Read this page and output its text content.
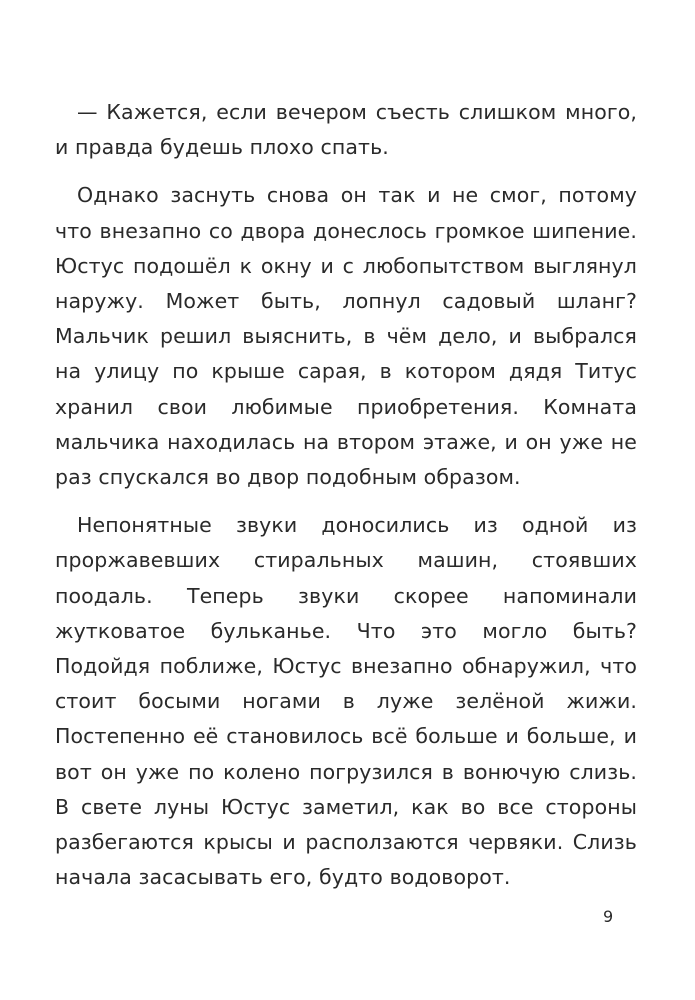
— Кажется, если вечером съесть слишком много, и правда будешь плохо спать.

Однако заснуть снова он так и не смог, потому что внезапно со двора донеслось громкое шипение. Юстус подошёл к окну и с любопытством выглянул наружу. Может быть, лопнул садовый шланг? Мальчик решил выяснить, в чём дело, и выбрался на улицу по крыше сарая, в котором дядя Титус хранил свои любимые приобретения. Комната мальчика находилась на втором этаже, и он уже не раз спускался во двор подобным образом.

Непонятные звуки доносились из одной из проржавевших стиральных машин, стоявших поодаль. Теперь звуки скорее напоминали жутковатое бульканье. Что это могло быть? Подойдя поближе, Юстус внезапно обнаружил, что стоит босыми ногами в луже зелёной жижи. Постепенно её становилось всё больше и больше, и вот он уже по колено погрузился в вонючую слизь. В свете луны Юстус заметил, как во все стороны разбегаются крысы и расползаются червяки. Слизь начала засасывать его, будто водоворот.

9
